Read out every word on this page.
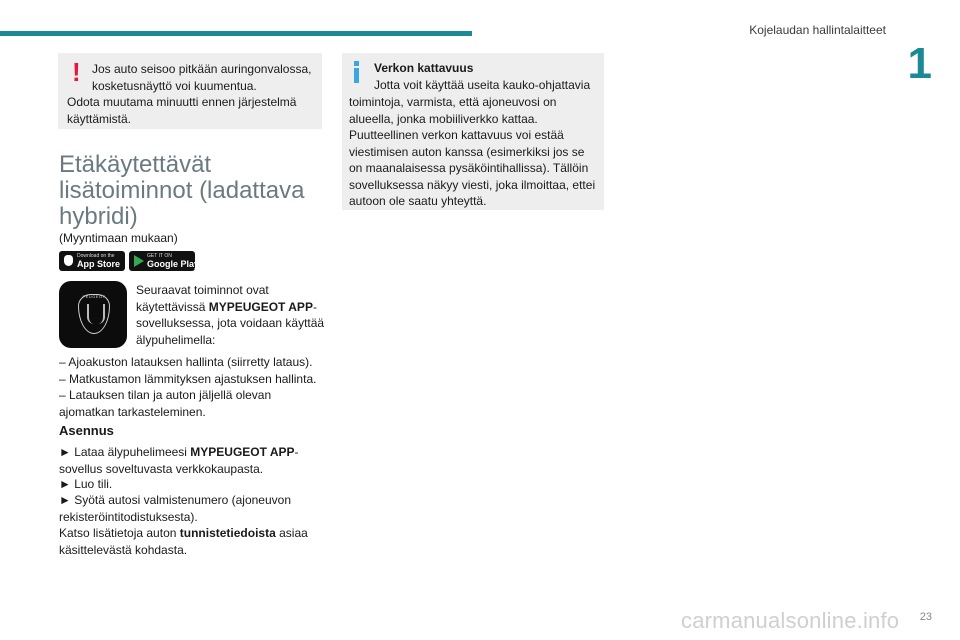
Kojelaudan hallintalaitteet
1
! Jos auto seisoo pitkään auringonvalossa, kosketusnäyttö voi kuumentua.
Odota muutama minuutti ennen järjestelmä käyttämistä.
Etäkäytettävät lisätoiminnot (ladattava hybridi)
(Myyntimaan mukaan)
Download on the
App Store
GET IT ON
Google Play
PEUGEOT	Seuraavat toiminnot ovat käytettävissä MYPEUGEOT APP-sovelluksessa, jota voidaan käyttää älypuhelimella:
– Ajoakuston latauksen hallinta (siirretty lataus).
– Matkustamon lämmityksen ajastuksen hallinta.
– Latauksen tilan ja auton jäljellä olevan ajomatkan tarkasteleminen.
Asennus
► Lataa älypuhelimeesi MYPEUGEOT APP-sovellus soveltuvasta verkkokaupasta.
► Luo tili.
► Syötä autosi valmistenumero (ajoneuvon rekisteröintitodistuksesta).
Katso lisätietoja auton tunnistetiedoista asiaa käsittelevästä kohdasta.
Verkon kattavuus
Jotta voit käyttää useita kauko-ohjattavia
toimintoja, varmista, että ajoneuvosi on alueella, jonka mobiiliverkko kattaa. Puutteellinen verkon kattavuus voi estää viestimisen auton kanssa (esimerkiksi jos se on maanalaisessa pysäköintihallissa). Tällöin sovelluksessa näkyy viesti, joka ilmoittaa, ettei autoon ole saatu yhteyttä.
23
carmanualsonline.info
